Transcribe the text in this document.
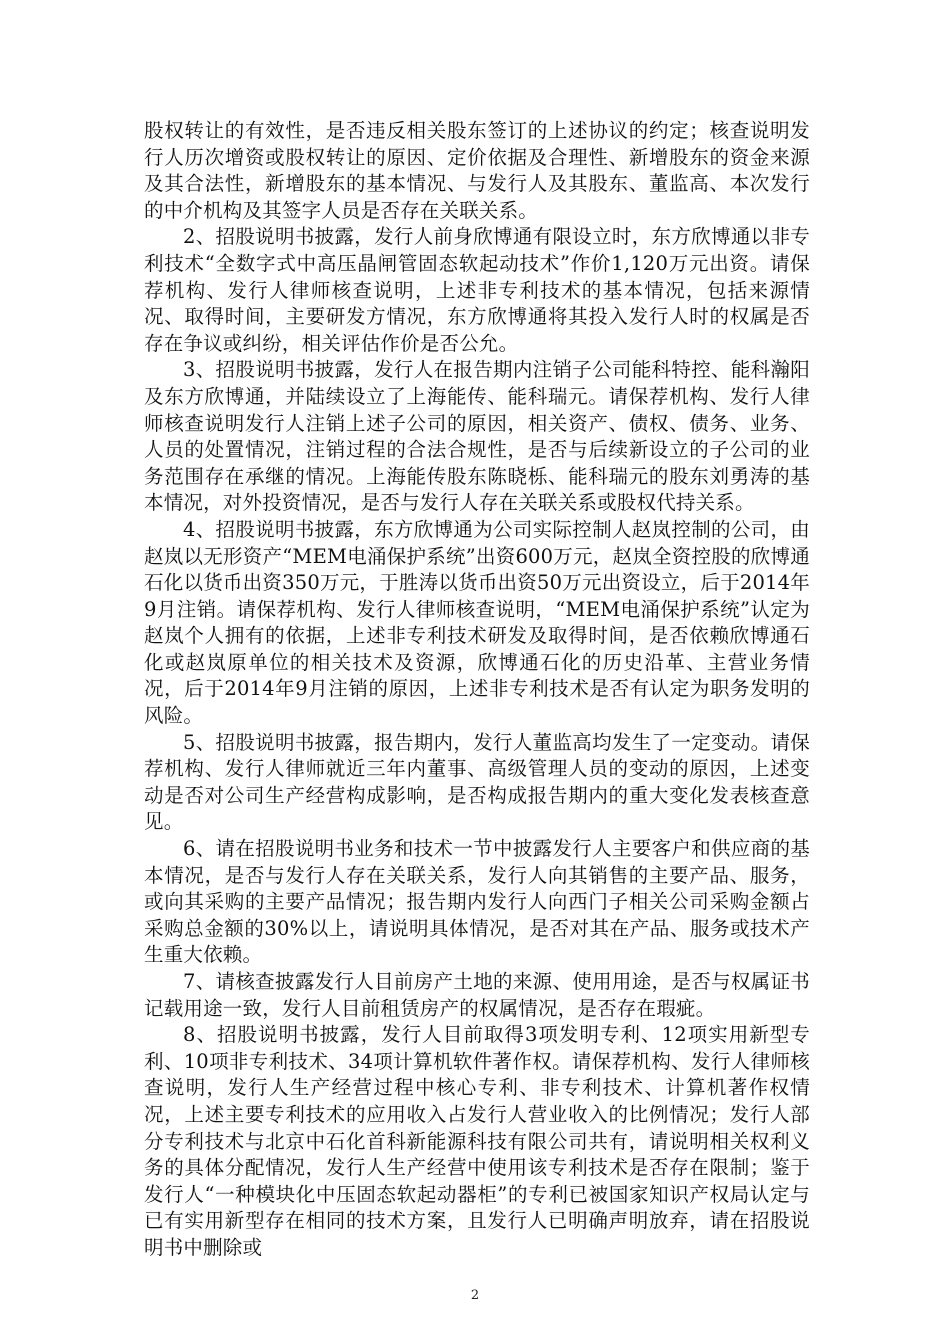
股权转让的有效性，是否违反相关股东签订的上述协议的约定；核查说明发行人历次增资或股权转让的原因、定价依据及合理性、新增股东的资金来源及其合法性，新增股东的基本情况、与发行人及其股东、董监高、本次发行的中介机构及其签字人员是否存在关联关系。

2、招股说明书披露，发行人前身欣博通有限设立时，东方欣博通以非专利技术“全数字式中高压晶闸管固态软起动技术”作价1,120万元出资。请保荐机构、发行人律师核查说明，上述非专利技术的基本情况，包括来源情况、取得时间，主要研发方情况，东方欣博通将其投入发行人时的权属是否存在争议或纠纷，相关评估作价是否公允。

3、招股说明书披露，发行人在报告期内注销子公司能科特控、能科瀚阳及东方欣博通，并陆续设立了上海能传、能科瑞元。请保荐机构、发行人律师核查说明发行人注销上述子公司的原因，相关资产、债权、债务、业务、人员的处置情况，注销过程的合法合规性，是否与后续新设立的子公司的业务范围存在承继的情况。上海能传股东陈晓栎、能科瑞元的股东刘勇涛的基本情况，对外投资情况，是否与发行人存在关联关系或股权代持关系。

4、招股说明书披露，东方欣博通为公司实际控制人赵岚控制的公司，由赵岚以无形资产“MEM电涌保护系统”出资600万元，赵岚全资控股的欣博通石化以货币出资350万元，于胜涛以货币出资50万元出资设立，后于2014年9月注销。请保荐机构、发行人律师核查说明，“MEM电涌保护系统”认定为赵岚个人拥有的依据，上述非专利技术研发及取得时间，是否依赖欣博通石化或赵岚原单位的相关技术及资源，欣博通石化的历史沿革、主营业务情况，后于2014年9月注销的原因，上述非专利技术是否有认定为职务发明的风险。

5、招股说明书披露，报告期内，发行人董监高均发生了一定变动。请保荐机构、发行人律师就近三年内董事、高级管理人员的变动的原因，上述变动是否对公司生产经营构成影响，是否构成报告期内的重大变化发表核查意见。

6、请在招股说明书业务和技术一节中披露发行人主要客户和供应商的基本情况，是否与发行人存在关联关系，发行人向其销售的主要产品、服务，或向其采购的主要产品情况；报告期内发行人向西门子相关公司采购金额占采购总金额的30%以上，请说明具体情况，是否对其在产品、服务或技术产生重大依赖。

7、请核查披露发行人目前房产土地的来源、使用用途，是否与权属证书记载用途一致，发行人目前租赁房产的权属情况，是否存在瑕疵。

8、招股说明书披露，发行人目前取得3项发明专利、12项实用新型专利、10项非专利技术、34项计算机软件著作权。请保荐机构、发行人律师核查说明，发行人生产经营过程中核心专利、非专利技术、计算机著作权情况，上述主要专利技术的应用收入占发行人营业收入的比例情况；发行人部分专利技术与北京中石化首科新能源科技有限公司共有，请说明相关权利义务的具体分配情况，发行人生产经营中使用该专利技术是否存在限制；鉴于发行人“一种模块化中压固态软起动器柜”的专利已被国家知识产权局认定与已有实用新型存在相同的技术方案，且发行人已明确声明放弃，请在招股说明书中删除或

2
